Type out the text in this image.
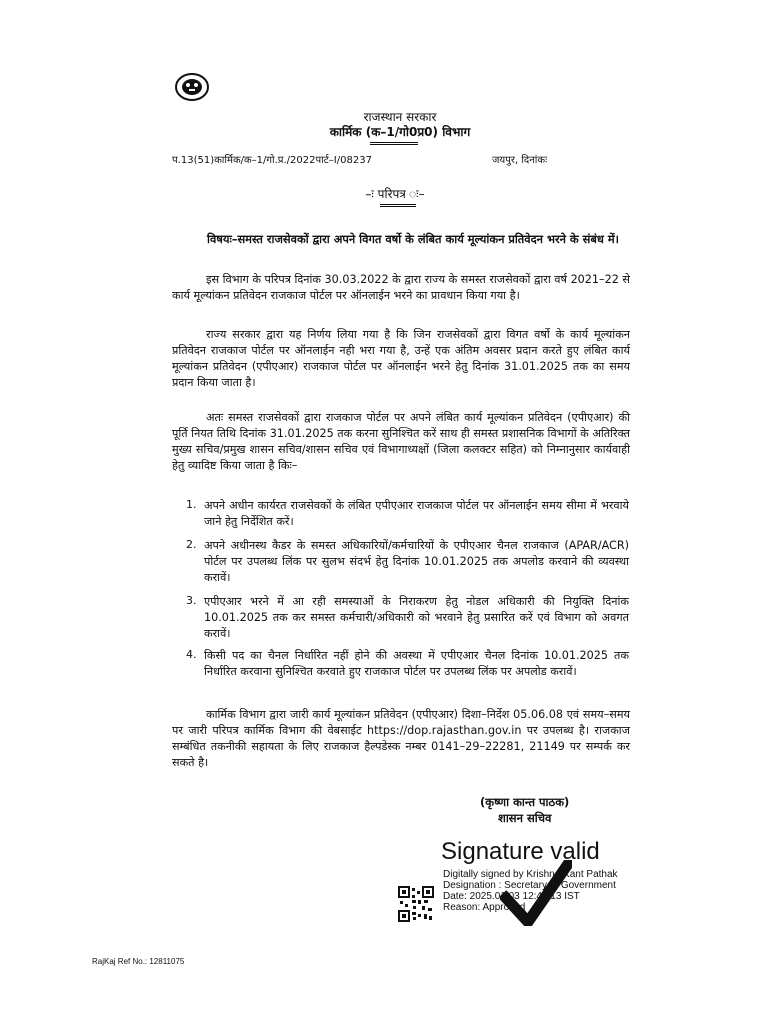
राजस्थान सरकार
कार्मिक (क–1/गो0प्र0) विभाग
प.13(51)कार्मिक/क–1/गो.प्र./2022पार्ट–I/08237	जयपुर, दिनांकः
–ः परिपत्र ः–
विषयः–समस्त राजसेवकों द्वारा अपने विगत वर्षो के लंबित कार्य मूल्यांकन प्रतिवेदन भरने के संबंध में।
इस विभाग के परिपत्र दिनांक 30.03.2022 के द्वारा राज्य के समस्त राजसेवकों द्वारा वर्ष 2021–22 से कार्य मूल्यांकन प्रतिवेदन राजकाज पोर्टल पर ऑनलाईन भरने का प्रावधान किया गया है।
राज्य सरकार द्वारा यह निर्णय लिया गया है कि जिन राजसेवकों द्वारा विगत वर्षो के कार्य मूल्यांकन प्रतिवेदन राजकाज पोर्टल पर ऑनलाईन नही भरा गया है, उन्हें एक अंतिम अवसर प्रदान करते हुए लंबित कार्य मूल्यांकन प्रतिवेदन (एपीएआर) राजकाज पोर्टल पर ऑनलाईन भरने हेतु दिनांक 31.01.2025 तक का समय प्रदान किया जाता है।
अतः समस्त राजसेवकों द्वारा राजकाज पोर्टल पर अपने लंबित कार्य मूल्यांकन प्रतिवेदन (एपीएआर) की पूर्ति नियत तिथि दिनांक 31.01.2025 तक करना सुनिश्चित करें साथ ही समस्त प्रशासनिक विभागों के अतिरिक्त मुख्य सचिव/प्रमुख शासन सचिव/शासन सचिव एवं विभागाध्यक्षों (जिला कलक्टर सहित) को निम्नानुसार कार्यवाही हेतु व्यादिष्ट किया जाता है किः–
1. अपने अधीन कार्यरत राजसेवकों के लंबित एपीएआर राजकाज पोर्टल पर ऑनलाईन समय सीमा में भरवाये जाने हेतु निर्देशित करें।
2. अपने अधीनस्थ कैडर के समस्त अधिकारियों/कर्मचारियों के एपीएआर चैनल राजकाज (APAR/ACR) पोर्टल पर उपलब्ध लिंक पर सुलभ संदर्भ हेतु दिनांक 10.01.2025 तक अपलोड करवाने की व्यवस्था करावें।
3. एपीएआर भरने में आ रही समस्याओं के निराकरण हेतु नोडल अधिकारी की नियुक्ति दिनांक 10.01.2025 तक कर समस्त कर्मचारी/अधिकारी को भरवाने हेतु प्रसारित करें एवं विभाग को अवगत करावें।
4. किसी पद का चैनल निर्धारित नहीं होने की अवस्था में एपीएआर चैनल दिनांक 10.01.2025 तक निर्धारित करवाना सुनिश्चित करवाते हुए राजकाज पोर्टल पर उपलब्ध लिंक पर अपलोड करावें।
कार्मिक विभाग द्वारा जारी कार्य मूल्यांकन प्रतिवेदन (एपीएआर) दिशा–निर्देश 05.06.08 एवं समय–समय पर जारी परिपत्र कार्मिक विभाग की वेबसाईट https://dop.rajasthan.gov.in पर उपलब्ध है। राजकाज सम्बंधित तकनीकी सहायता के लिए राजकाज हैल्पडेस्क नम्बर 0141–29–22281, 21149 पर सम्पर्क कर सकते है।
(कृष्णा कान्त पाठक)
शासन सचिव
Signature valid
Digitally signed by Krishna Kant Pathak
Designation : Secretary to Government
Date: 2025.01.03 12:44:13 IST
Reason: Approved
RajKaj Ref No.: 12811075
